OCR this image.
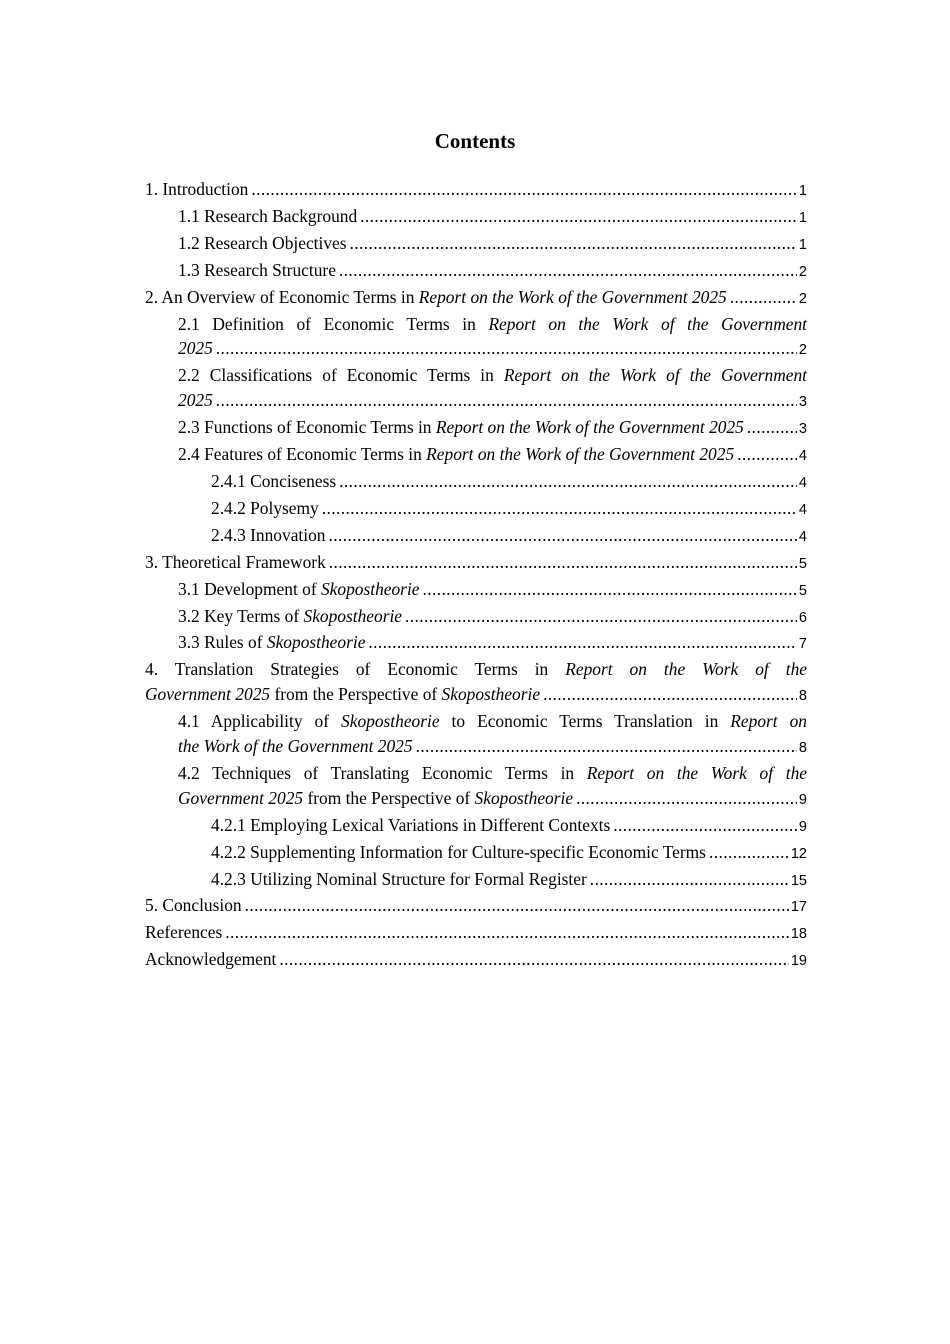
Contents
1. Introduction .....	1
1.1 Research Background .....	1
1.2 Research Objectives .....	1
1.3 Research Structure .....	2
2. An Overview of Economic Terms in Report on the Work of the Government 2025 .....	2
2.1 Definition of Economic Terms in Report on the Work of the Government
2025 .....	2
2.2 Classifications of Economic Terms in Report on the Work of the Government
2025 .....	3
2.3 Functions of Economic Terms in Report on the Work of the Government 2025 .....	3
2.4 Features of Economic Terms in Report on the Work of the Government 2025 .....	4
2.4.1 Conciseness .....	4
2.4.2 Polysemy .....	4
2.4.3 Innovation .....	4
3. Theoretical Framework .....	5
3.1 Development of Skopostheorie .....	5
3.2 Key Terms of Skopostheorie .....	6
3.3 Rules of Skopostheorie .....	7
4. Translation Strategies of Economic Terms in Report on the Work of the
Government 2025 from the Perspective of Skopostheorie .....	8
4.1 Applicability of Skopostheorie to Economic Terms Translation in Report on
the Work of the Government 2025 .....	8
4.2 Techniques of Translating Economic Terms in Report on the Work of the
Government 2025 from the Perspective of Skopostheorie .....	9
4.2.1 Employing Lexical Variations in Different Contexts .....	9
4.2.2 Supplementing Information for Culture-specific Economic Terms .....	12
4.2.3 Utilizing Nominal Structure for Formal Register .....	15
5. Conclusion .....	17
References .....	18
Acknowledgement .....	19
